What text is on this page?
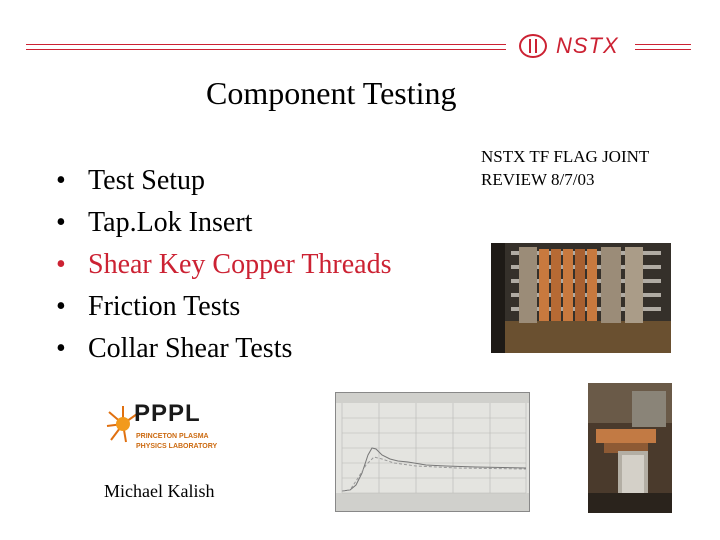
NSTX
Component Testing
NSTX TF FLAG JOINT
REVIEW 8/7/03
• Test Setup
• Tap.Lok Insert
• Shear Key Copper Threads
• Friction Tests
• Collar Shear Tests
PPPL
PRINCETON PLASMA
PHYSICS LABORATORY
Michael Kalish
